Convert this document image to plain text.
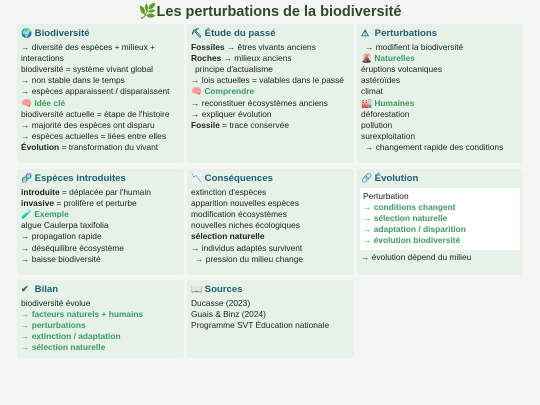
🌿Les perturbations de la biodiversité
🌍 Biodiversité
→ diversité des espèces + milieux + interactions
biodiversité = système vivant global
→ non stable dans le temps
→ espèces apparaissent / disparaissent
🧠 Idée clé
biodiversité actuelle = étape de l'histoire
→ majorité des espèces ont disparu
→ espèces actuelles = liées entre elles
Évolution = transformation du vivant
⛏ Étude du passé
Fossiles → êtres vivants anciens
Roches → milieux anciens
principe d'actualisme
→ lois actuelles = valables dans le passé
🧠 Comprendre
→ reconstituer écosystèmes anciens
→ expliquer évolution
Fossile = trace conservée
⚠ Perturbations
→ modifient la biodiversité
🌋 Naturelles
éruptions volcaniques
astéroïdes
climat
🏭 Humaines
déforestation
pollution
surexploitation
→ changement rapide des conditions
🧬 Espèces introduites
introduite = déplacée par l'humain
invasive = prolifère et perturbe
🧪 Exemple
algue Caulerpa taxifolia
→ propagation rapide
→ déséquilibre écosystème
→ baisse biodiversité
📉 Conséquences
extinction d'espèces
apparition nouvelles espèces
modification écosystèmes
nouvelles niches écologiques
sélection naturelle
→ individus adaptés survivent
→ pression du milieu change
🔗 Évolution
Perturbation
→ conditions changent
→ sélection naturelle
→ adaptation / disparition
→ évolution biodiversité
→ évolution dépend du milieu
✔ Bilan
biodiversité évolue
→ facteurs naturels + humains
→ perturbations
→ extinction / adaptation
→ sélection naturelle
📖 Sources
Ducasse (2023)
Guais & Binz (2024)
Programme SVT Éducation nationale
